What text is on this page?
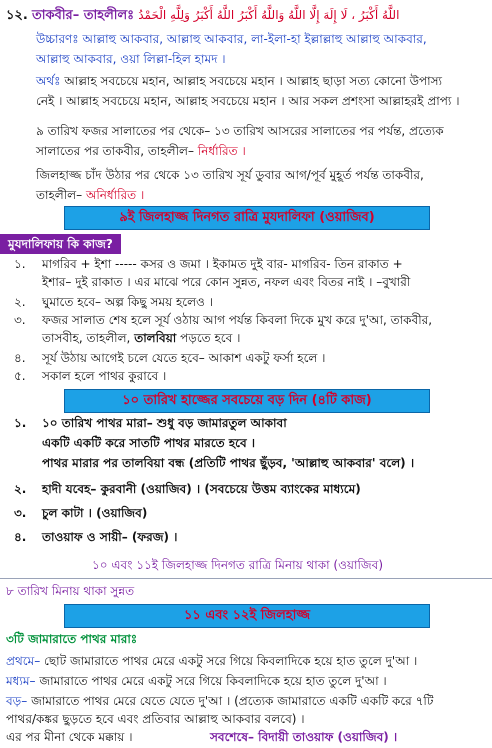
১২. তাকবীর– তাহলীলঃ اللَّهُ أَكْبَرُ ، لَا إِلَهَ إِلَّا اللَّهُ وَاللَّهُ أَكْبَرُ اللَّهُ أَكْبَرُ وَلِلَّهِ الْحَمْدُ
উচ্চারণঃ আল্লাহু আকবার, আল্লাহু আকবার, লা-ইলা-হা ইল্লাল্লাহু আল্লাহু আকবার,
আল্লাহু আকবার, ওয়া লিল্লা-হিল হামদ ।
অর্থঃ আল্লাহ সবচেয়ে মহান, আল্লাহ সবচেয়ে মহান । আল্লাহ ছাড়া সত্য কোনো উপাস্য
নেই । আল্লাহ সবচেয়ে মহান, আল্লাহ সবচেয়ে মহান । আর সকল প্রশংসা আল্লাহরই প্রাপ্য ।
৯ তারিখ ফজর সালাতের পর থেকে– ১৩ তারিখ আসরের সালাতের পর পর্যন্ত, প্রত্যেক
সালাতের পর তাকবীর, তাহলীল– নির্ধারিত ।
জিলহাজ্জ চাঁদ উঠার পর থেকে ১৩ তারিখ সূর্য ডুবার আগ/পূর্ব মুহূর্ত পর্যন্ত তাকবীর,
তাহলীল– অনির্ধারিত ।
৯ই জিলহাজ্জ দিনগত রাত্রি মুযদালিফা (ওয়াজিব)
মুযদালিফায় কি কাজ?
১. মাগরিব + ইশা ----- কসর ও জমা । ইকামত দুই বার- মাগরিব- তিন রাকাত +
ইশার– দুই রাকাত । এর মাঝে পরে কোন সুন্নত, নফল এবং বিতর নাই । –বুখারী
২. ঘুমাতে হবে– অল্প কিছু সময় হলেও ।
৩. ফজর সালাত শেষ হলে সূর্য ওঠায় আগ পর্যন্ত কিবলা দিকে মুখ করে দু'আ, তাকবীর,
তাসবীহ, তাহলীল, তালবিয়া পড়তে হবে ।
৪. সূর্য উঠায় আগেই চলে যেতে হবে– আকাশ একটু ফর্সা হলে ।
৫. সকাল হলে পাথর কুরাবে ।
১০ তারিখ হাজ্জের সবচেয়ে বড় দিন (৪টি কাজ)
১. ১০ তারিখ পাথর মারা– শুধু বড় জামারতুল আকাবা
একটি একটি করে সাতটি পাথর মারতে হবে ।
পাথর মারার পর তালবিয়া বন্ধ (প্রতিটি পাথর ছুঁড়ব, 'আল্লাহু আকবার' বলে) ।
২. হাদী যবেহ– কুরবানী (ওয়াজিব) । (সবচেয়ে উত্তম ব্যাংকের মাধ্যমে)
৩. চুল কাটা । (ওয়াজিব)
৪. তাওয়াফ ও সায়ী– (ফরজ) ।
১০ এবং ১১ই জিলহাজ্জ দিনগত রাত্রি মিনায় থাকা (ওয়াজিব)
৮ তারিখ মিনায় থাকা সুন্নত
১১ এবং ১২ই জিলহাজ্জ
৩টি জামারাতে পাথর মারাঃ
প্রথমে– ছোট জামারাতে পাথর মেরে একটু সরে গিয়ে কিবলাদিকে হয়ে হাত তুলে দু'আ ।
মধ্যম– জামারাতে পাথর মেরে একটু সরে গিয়ে কিবলাদিকে হয়ে হাত তুলে দু'আ ।
বড়– জামারাতে পাথর মেরে যেতে যেতে দু'আ । (প্রত্যেক জামারাতে একটি একটি করে ৭টি
পাথর/কঙ্কর ছুড়তে হবে এবং প্রতিবার আল্লাহু আকবার বলবে) ।
এর পর মীনা থেকে মক্কায় ।	সবশেষে– বিদায়ী তাওয়াফ (ওয়াজিব) ।
